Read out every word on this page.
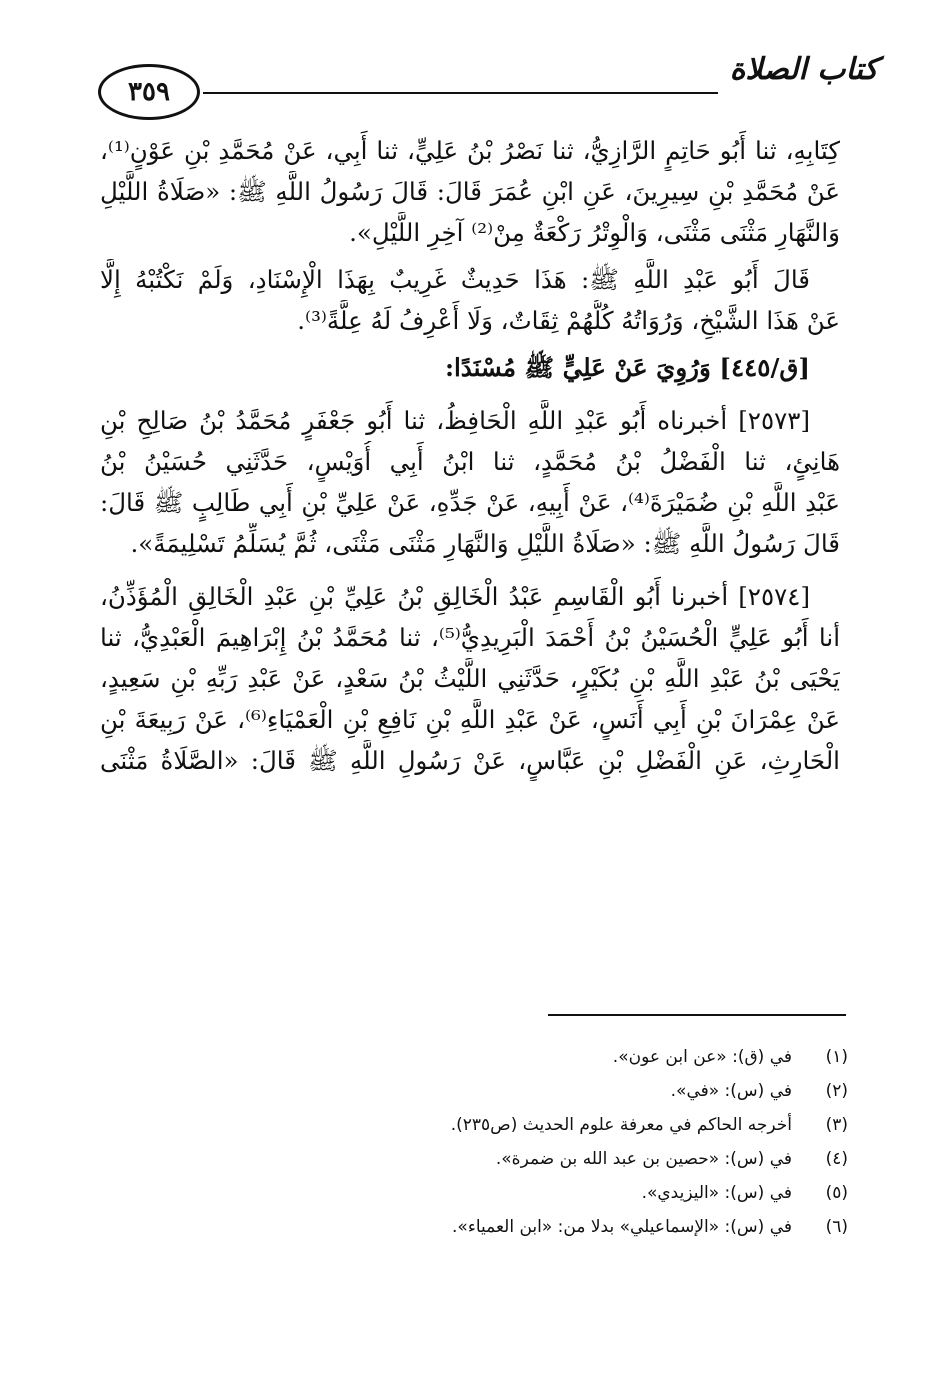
كتاب الصلاة
٣٥٩
كِتَابِهِ، ثنا أَبُو حَاتِمٍ الرَّازِيُّ، ثنا نَصْرُ بْنُ عَلِيٍّ، ثنا أَبِي، عَنْ مُحَمَّدِ بْنِ عَوْنٍ⁽¹⁾،
عَنْ مُحَمَّدِ بْنِ سِيرِينَ، عَنِ ابْنِ عُمَرَ قَالَ: قَالَ رَسُولُ اللَّهِ ﷺ: «صَلَاةُ اللَّيْلِ
وَالنَّهَارِ مَثْنَى مَثْنَى، وَالْوِتْرُ رَكْعَةٌ مِنْ⁽²⁾ آخِرِ اللَّيْلِ».
قَالَ أَبُو عَبْدِ اللَّهِ ﷺ: هَذَا حَدِيثٌ غَرِيبٌ بِهَذَا الْإِسْنَادِ، وَلَمْ نَكْتُبْهُ إِلَّا
عَنْ هَذَا الشَّيْخِ، وَرُوَاتُهُ كُلُّهُمْ ثِقَاتٌ، وَلَا أَعْرِفُ لَهُ عِلَّةً⁽³⁾.
[ق/٤٤٥] وَرُوِيَ عَنْ عَلِيٍّ ﷺ مُسْنَدًا:
[٢٥٧٣] أخبرناه أَبُو عَبْدِ اللَّهِ الْحَافِظُ، ثنا أَبُو جَعْفَرٍ مُحَمَّدُ بْنُ صَالِحِ بْنِ
هَانِئٍ، ثنا الْفَضْلُ بْنُ مُحَمَّدٍ، ثنا ابْنُ أَبِي أُوَيْسٍ، حَدَّثَنِي حُسَيْنُ بْنُ
عَبْدِ اللَّهِ بْنِ ضُمَيْرَةَ⁽⁴⁾، عَنْ أَبِيهِ، عَنْ جَدِّهِ، عَنْ عَلِيِّ بْنِ أَبِي طَالِبٍ ﷺ قَالَ:
قَالَ رَسُولُ اللَّهِ ﷺ: «صَلَاةُ اللَّيْلِ وَالنَّهَارِ مَثْنَى مَثْنَى، ثُمَّ يُسَلِّمُ تَسْلِيمَةً».
[٢٥٧٤] أخبرنا أَبُو الْقَاسِمِ عَبْدُ الْخَالِقِ بْنُ عَلِيِّ بْنِ عَبْدِ الْخَالِقِ الْمُؤَذِّنُ،
أنا أَبُو عَلِيٍّ الْحُسَيْنُ بْنُ أَحْمَدَ الْبَرِيدِيُّ⁽⁵⁾، ثنا مُحَمَّدُ بْنُ إِبْرَاهِيمَ الْعَبْدِيُّ، ثنا
يَحْيَى بْنُ عَبْدِ اللَّهِ بْنِ بُكَيْرٍ، حَدَّثَنِي اللَّيْثُ بْنُ سَعْدٍ، عَنْ عَبْدِ رَبِّهِ بْنِ سَعِيدٍ،
عَنْ عِمْرَانَ بْنِ أَبِي أَنَسٍ، عَنْ عَبْدِ اللَّهِ بْنِ نَافِعِ بْنِ الْعَمْيَاءِ⁽⁶⁾، عَنْ رَبِيعَةَ بْنِ
الْحَارِثِ، عَنِ الْفَضْلِ بْنِ عَبَّاسٍ، عَنْ رَسُولِ اللَّهِ ﷺ قَالَ: «الصَّلَاةُ مَثْنَى
(١)
في (ق): «عن ابن عون».
(٢)
في (س): «في».
(٣)
أخرجه الحاكم في معرفة علوم الحديث (ص٢٣٥).
(٤)
في (س): «حصين بن عبد الله بن ضمرة».
(٥)
في (س): «اليزيدي».
(٦)
في (س): «الإسماعيلي» بدلا من: «ابن العمياء».
